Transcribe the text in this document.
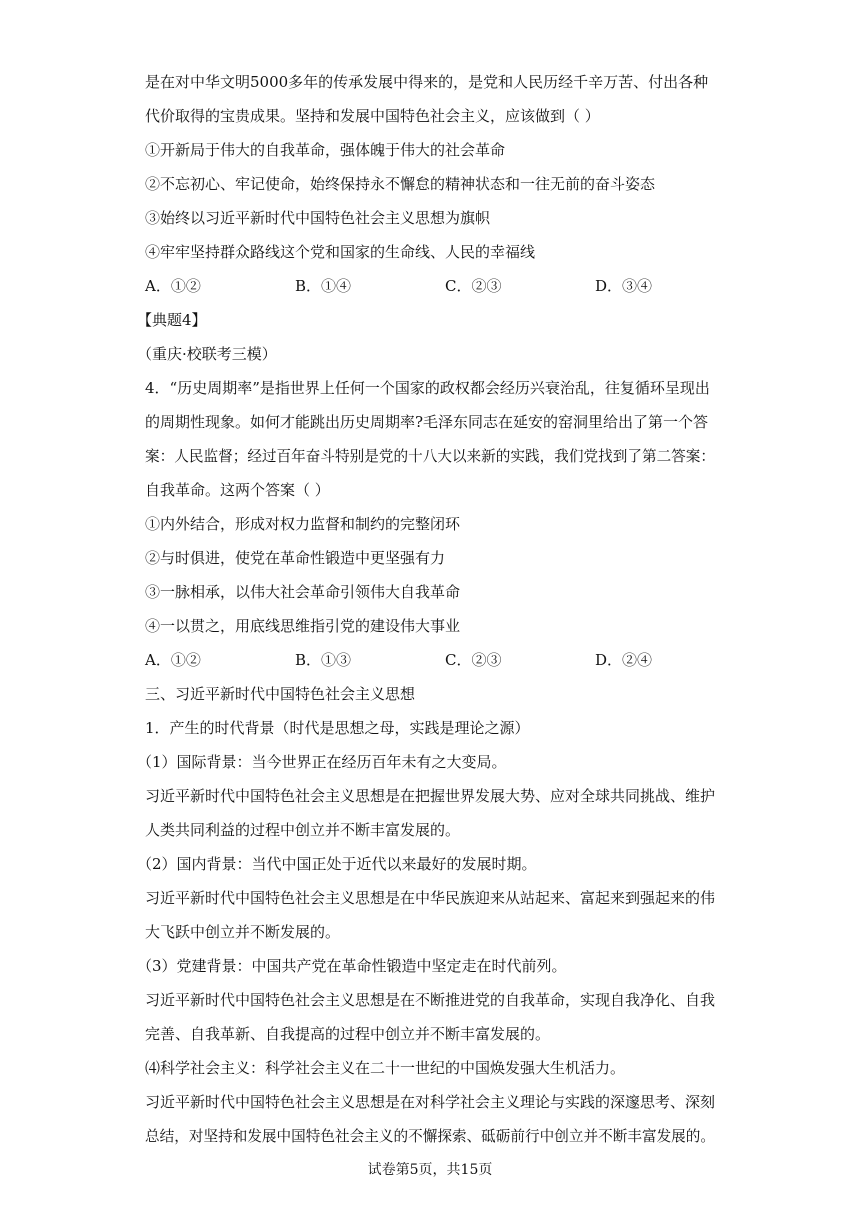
是在对中华文明5000多年的传承发展中得来的，是党和人民历经千辛万苦、付出各种
代价取得的宝贵成果。坚持和发展中国特色社会主义，应该做到（ ）
①开新局于伟大的自我革命，强体魄于伟大的社会革命
②不忘初心、牢记使命，始终保持永不懈怠的精神状态和一往无前的奋斗姿态
③始终以习近平新时代中国特色社会主义思想为旗帜
④牢牢坚持群众路线这个党和国家的生命线、人民的幸福线
A．①②	B．①④	C．②③	D．③④
【典题4】
（重庆·校联考三模）
4．“历史周期率”是指世界上任何一个国家的政权都会经历兴衰治乱，往复循环呈现出
的周期性现象。如何才能跳出历史周期率?毛泽东同志在延安的窑洞里给出了第一个答
案：人民监督；经过百年奋斗特别是党的十八大以来新的实践，我们党找到了第二答案：
自我革命。这两个答案（ ）
①内外结合，形成对权力监督和制约的完整闭环
②与时俱进，使党在革命性锻造中更坚强有力
③一脉相承，以伟大社会革命引领伟大自我革命
④一以贯之，用底线思维指引党的建设伟大事业
A．①②	B．①③	C．②③	D．②④
三、习近平新时代中国特色社会主义思想
1．产生的时代背景（时代是思想之母，实践是理论之源）
（1）国际背景：当今世界正在经历百年未有之大变局。
习近平新时代中国特色社会主义思想是在把握世界发展大势、应对全球共同挑战、维护
人类共同利益的过程中创立并不断丰富发展的。
（2）国内背景：当代中国正处于近代以来最好的发展时期。
习近平新时代中国特色社会主义思想是在中华民族迎来从站起来、富起来到强起来的伟
大飞跃中创立并不断发展的。
（3）党建背景：中国共产党在革命性锻造中坚定走在时代前列。
习近平新时代中国特色社会主义思想是在不断推进党的自我革命，实现自我净化、自我
完善、自我革新、自我提高的过程中创立并不断丰富发展的。
⑷科学社会主义：科学社会主义在二十一世纪的中国焕发强大生机活力。
习近平新时代中国特色社会主义思想是在对科学社会主义理论与实践的深邃思考、深刻
总结，对坚持和发展中国特色社会主义的不懈探索、砥砺前行中创立并不断丰富发展的。
试卷第5页，共15页
